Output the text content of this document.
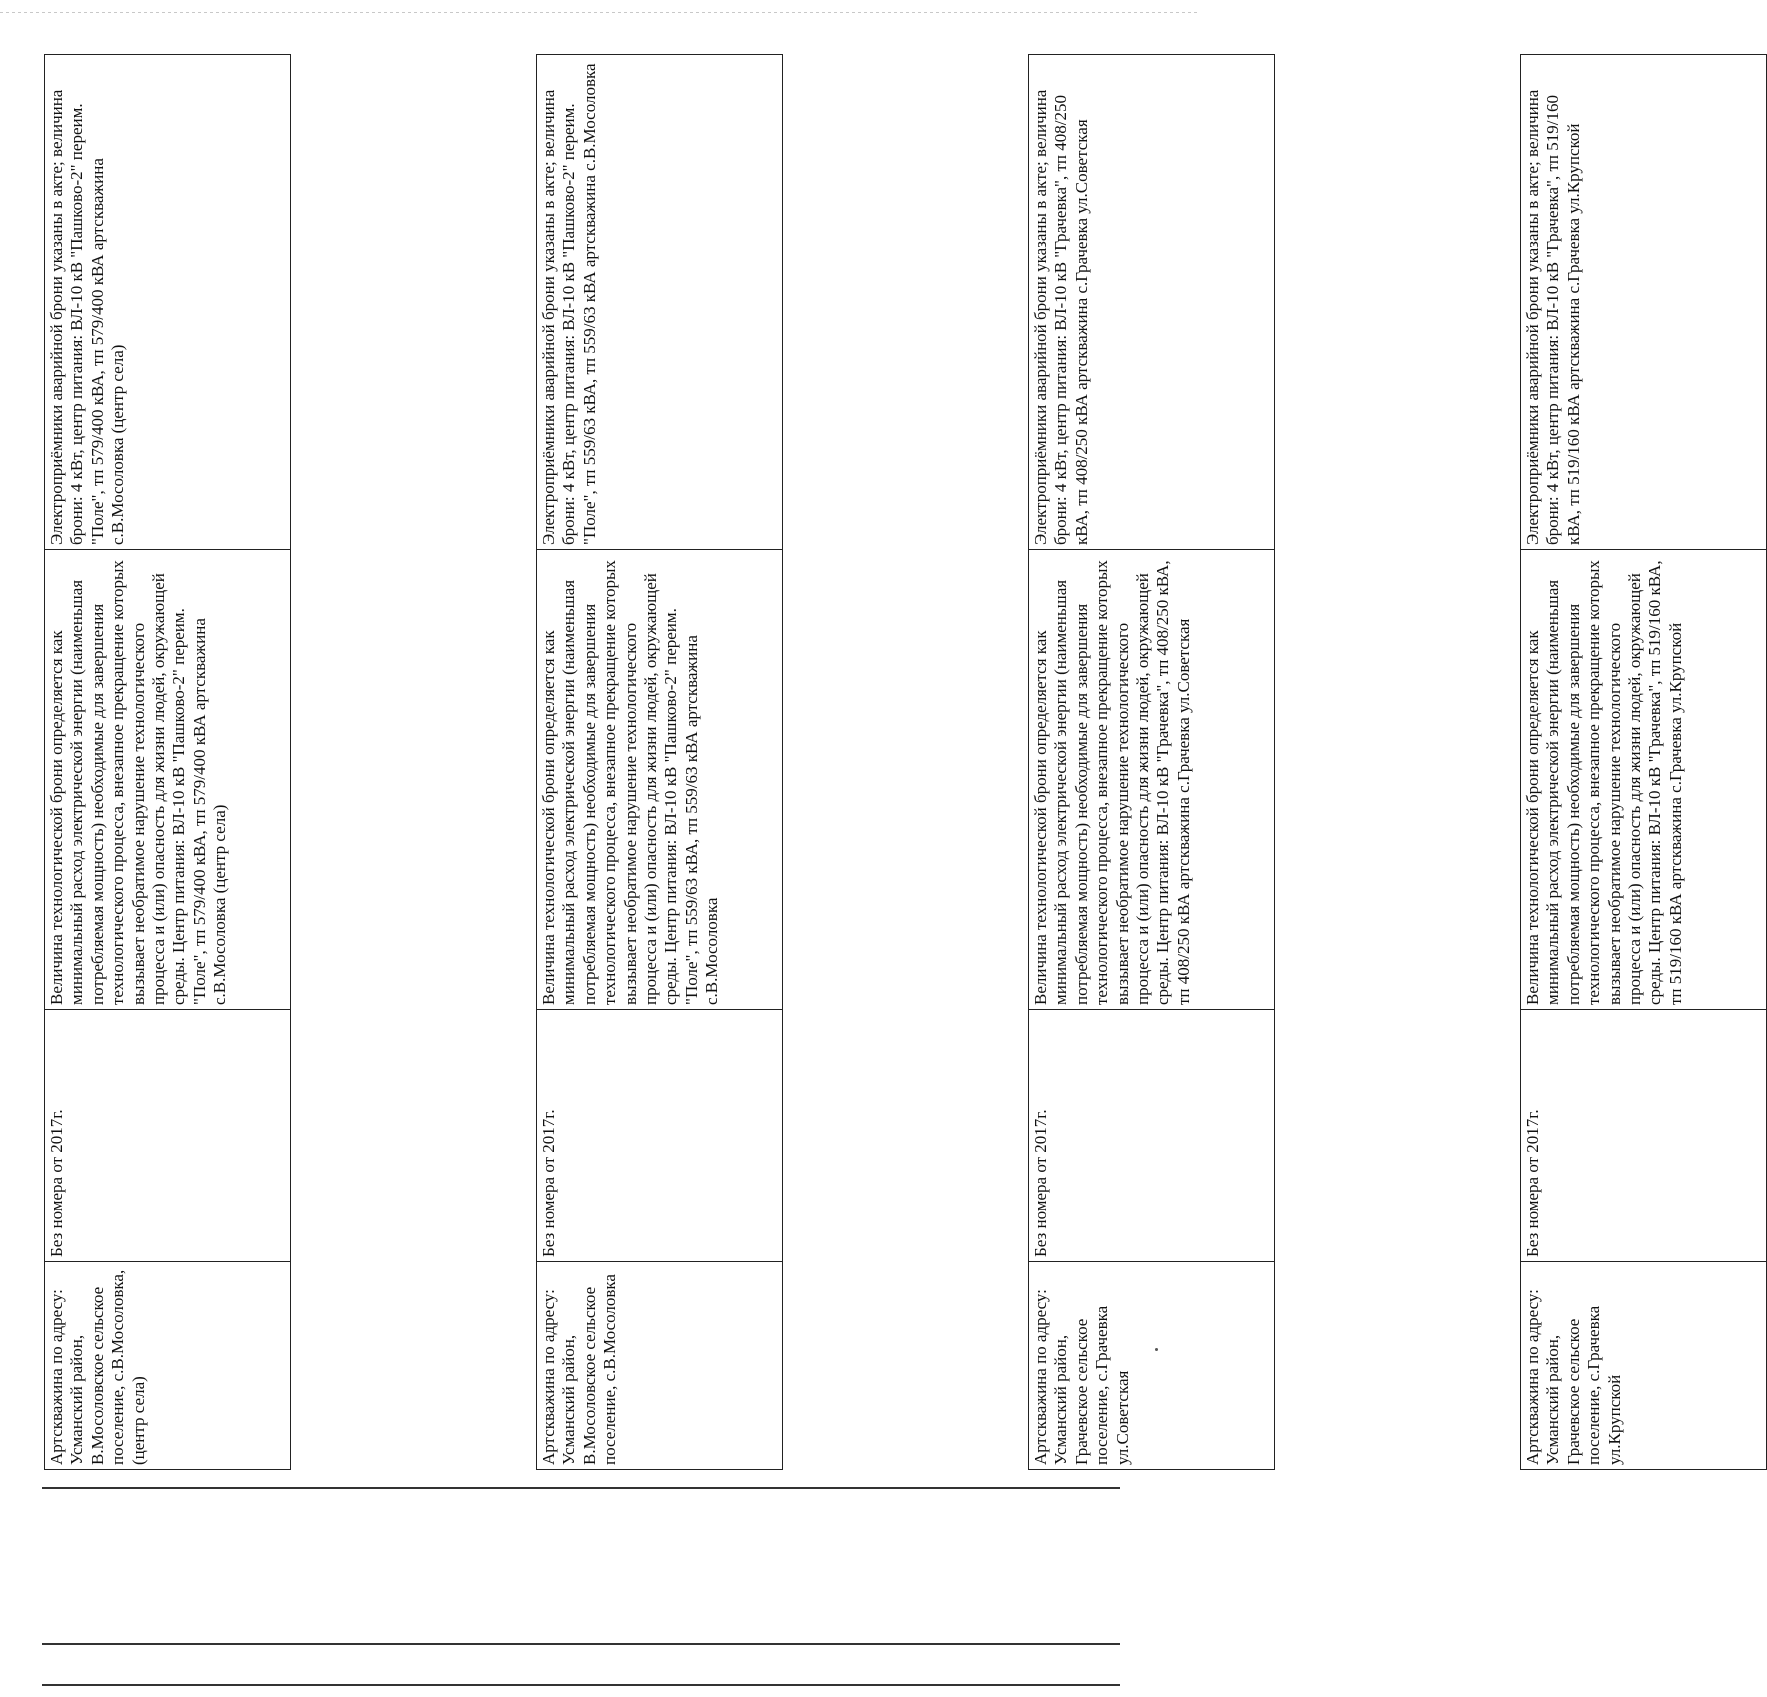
Артскважина по адресу: Усманский район, В.Мосоловское сельское поселение, с.В.Мосоловка, (центр села)	Без номера от 2017г.	Величина технологической брони определяется как минимальный расход электрической энергии (наименьшая потребляемая мощность) необходимые для завершения технологического процесса, внезапное прекращение которых вызывает необратимое нарушение технологического процесса и (или) опасность для жизни людей, окружающей среды. Центр питания: ВЛ-10 кВ "Пашково-2" переим. "Поле", тп 579/400 кВА, тп 579/400 кВА артскважина с.В.Мосоловка (центр села)	Электроприёмники аварийной брони указаны в акте; величина брони: 4 кВт, центр питания: ВЛ-10 кВ "Пашково-2" переим. "Поле", тп 579/400 кВА, тп 579/400 кВА артскважина с.В.Мосоловка (центр села)

Артскважина по адресу: Усманский район, В.Мосоловское сельское поселение, с.В.Мосоловка	Без номера от 2017г.	Величина технологической брони определяется как минимальный расход электрической энергии (наименьшая потребляемая мощность) необходимые для завершения технологического процесса, внезапное прекращение которых вызывает необратимое нарушение технологического процесса и (или) опасность для жизни людей, окружающей среды. Центр питания: ВЛ-10 кВ "Пашково-2" переим. "Поле", тп 559/63 кВА, тп 559/63 кВА артскважина с.В.Мосоловка	Электроприёмники аварийной брони указаны в акте; величина брони: 4 кВт, центр питания: ВЛ-10 кВ "Пашково-2" переим. "Поле", тп 559/63 кВА, тп 559/63 кВА артскважина с.В.Мосоловка

Артскважина по адресу: Усманский район, Грачевское сельское поселение, с.Грачевка ул.Советская	Без номера от 2017г.	Величина технологической брони определяется как минимальный расход электрической энергии (наименьшая потребляемая мощность) необходимые для завершения технологического процесса, внезапное прекращение которых вызывает необратимое нарушение технологического процесса и (или) опасность для жизни людей, окружающей среды. Центр питания: ВЛ-10 кВ "Грачевка", тп 408/250 кВА, тп 408/250 кВА артскважина с.Грачевка ул.Советская	Электроприёмники аварийной брони указаны в акте; величина брони: 4 кВт, центр питания: ВЛ-10 кВ "Грачевка", тп 408/250 кВА, тп 408/250 кВА артскважина с.Грачевка ул.Советская

Артскважина по адресу: Усманский район, Грачевское сельское поселение, с.Грачевка ул.Крупской	Без номера от 2017г.	Величина технологической брони определяется как минимальный расход электрической энергии (наименьшая потребляемая мощность) необходимые для завершения технологического процесса, внезапное прекращение которых вызывает необратимое нарушение технологического процесса и (или) опасность для жизни людей, окружающей среды. Центр питания: ВЛ-10 кВ "Грачевка", тп 519/160 кВА, тп 519/160 кВА артскважина с.Грачевка ул.Крупской	Электроприёмники аварийной брони указаны в акте; величина брони: 4 кВт, центр питания: ВЛ-10 кВ "Грачевка", тп 519/160 кВА, тп 519/160 кВА артскважина с.Грачевка ул.Крупской
